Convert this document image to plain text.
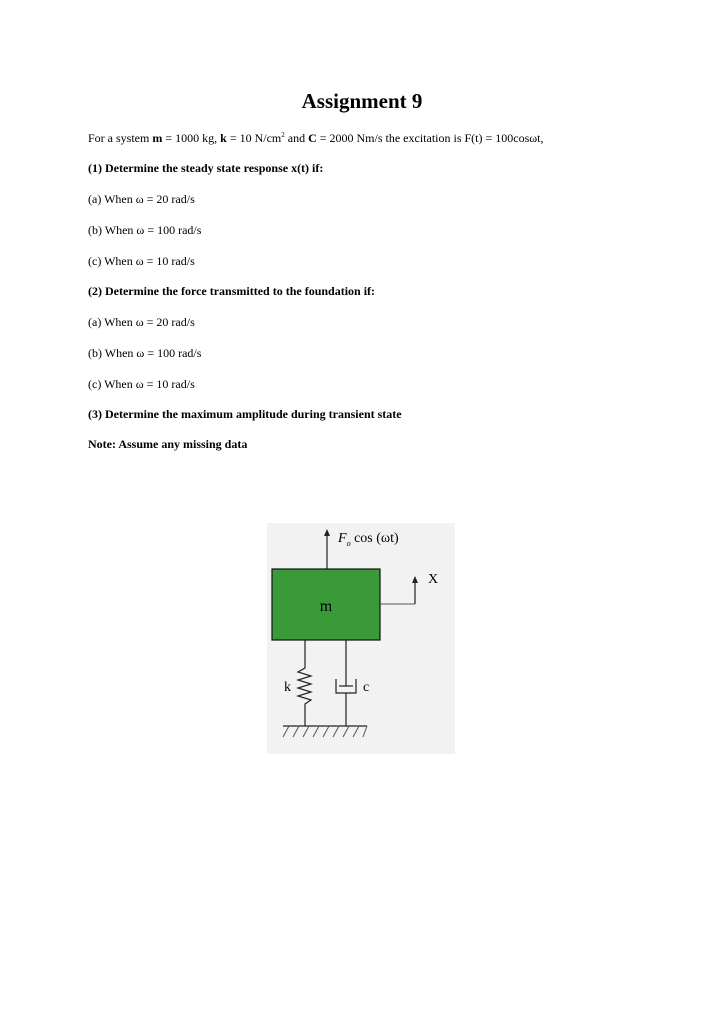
Assignment 9
For a system m = 1000 kg, k = 10 $N/cm^2$ and C = 2000 Nm/s the excitation is F(t) = 100cosωt,
(1) Determine the steady state response x(t) if:
(a) When ω = 20 rad/s
(b) When ω = 100 rad/s
(c) When ω = 10 rad/s
(2) Determine the force transmitted to the foundation if:
(a) When ω = 20 rad/s
(b) When ω = 100 rad/s
(c) When ω = 10 rad/s
(3) Determine the maximum amplitude during transient state
Note: Assume any missing data
$F_o$ cos (ωt)
m
X
k	c
